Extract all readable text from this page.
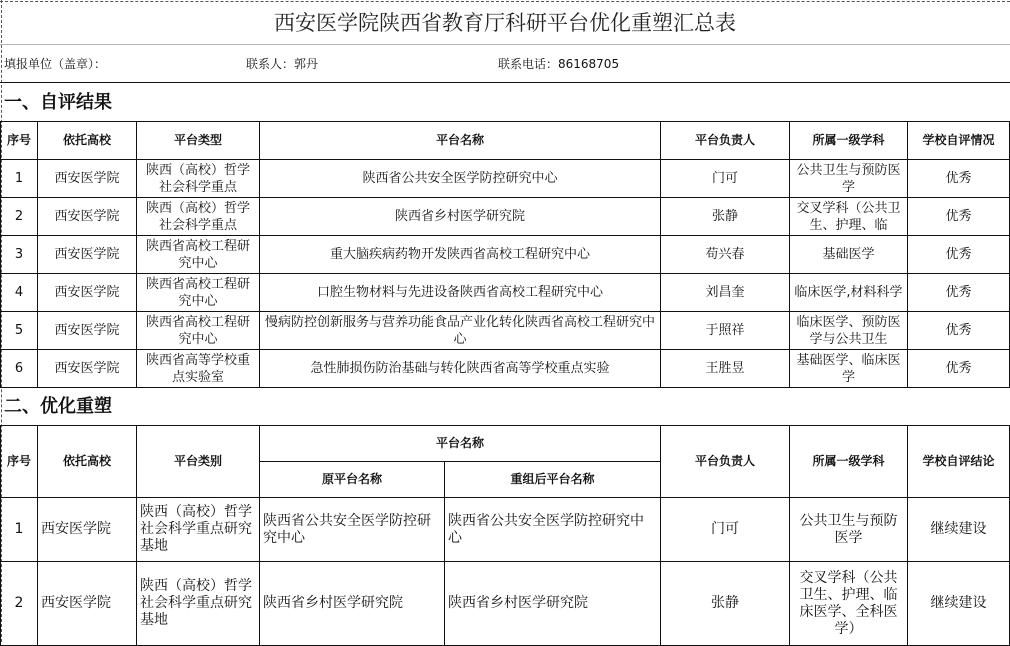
西安医学院陕西省教育厅科研平台优化重塑汇总表
填报单位（盖章）：	联系人：郭丹	联系电话：86168705
一、自评结果
序号	依托高校	平台类型	平台名称	平台负责人	所属一级学科	学校自评情况
1	西安医学院	陕西（高校）哲学社会科学重点	陕西省公共安全医学防控研究中心	门可	公共卫生与预防医学	优秀
2	西安医学院	陕西（高校）哲学社会科学重点	陕西省乡村医学研究院	张静	交叉学科（公共卫生、护理、临	优秀
3	西安医学院	陕西省高校工程研究中心	重大脑疾病药物开发陕西省高校工程研究中心	苟兴春	基础医学	优秀
4	西安医学院	陕西省高校工程研究中心	口腔生物材料与先进设备陕西省高校工程研究中心	刘昌奎	临床医学,材料科学	优秀
5	西安医学院	陕西省高校工程研究中心	慢病防控创新服务与营养功能食品产业化转化陕西省高校工程研究中心	于照祥	临床医学、预防医学与公共卫生	优秀
6	西安医学院	陕西省高等学校重点实验室	急性肺损伤防治基础与转化陕西省高等学校重点实验	王胜昱	基础医学、临床医学	优秀
二、优化重塑
序号	依托高校	平台类别	平台名称		平台负责人	所属一级学科	学校自评结论
			原平台名称	重组后平台名称			
1	西安医学院	陕西（高校）哲学社会科学重点研究基地	陕西省公共安全医学防控研究中心	陕西省公共安全医学防控研究中心	门可	公共卫生与预防医学	继续建设
2	西安医学院	陕西（高校）哲学社会科学重点研究基地	陕西省乡村医学研究院	陕西省乡村医学研究院	张静	交叉学科（公共卫生、护理、临床医学、全科医学）	继续建设
